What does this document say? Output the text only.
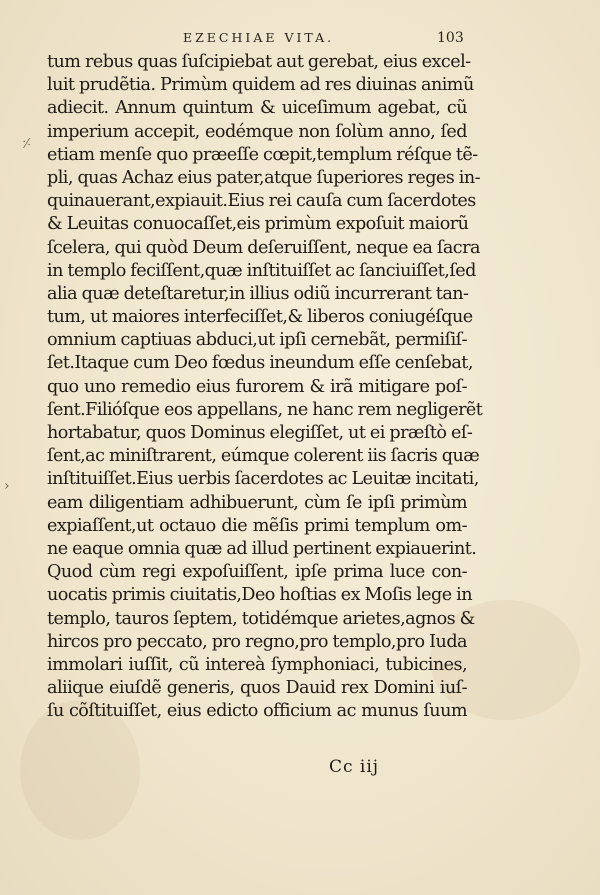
EZECHIAE VITA.	103
⸓
›
tum rebus quas ſuſcipiebat aut gerebat, eius excel-
luit prudẽtia. Primùm quidem ad res diuinas animũ
adiecit. Annum quintum & uiceſimum agebat, cũ
imperium accepit, eodémque non ſolùm anno, ſed
etiam menſe quo præeſſe cœpit,templum réſque tẽ-
pli, quas Achaz eius pater,atque ſuperiores reges in-
quinauerant,expiauit.Eius rei cauſa cum ſacerdotes
& Leuitas conuocaſſet,eis primùm expoſuit maiorũ
ſcelera, qui quòd Deum deſeruiſſent, neque ea ſacra
in templo feciſſent,quæ inſtituiſſet ac ſanciuiſſet,ſed
alia quæ deteſtaretur,in illius odiũ incurrerant tan-
tum, ut maiores interfeciſſet,& liberos coniugéſque
omnium captiuas abduci,ut ipſi cernebãt, permiſiſ-
ſet.Itaque cum Deo fœdus ineundum eſſe cenſebat,
quo uno remedio eius furorem & irã mitigare poſ-
ſent.Filióſque eos appellans, ne hanc rem negligerẽt
hortabatur, quos Dominus elegiſſet, ut ei præſtò eſ-
ſent,ac miniſtrarent, eúmque colerent iis ſacris quæ
inſtituiſſet.Eius uerbis ſacerdotes ac Leuitæ incitati,
eam diligentiam adhibuerunt, cùm ſe ipſi primùm
expiaſſent,ut octauo die mẽſis primi templum om-
ne eaque omnia quæ ad illud pertinent expiauerint.
Quod cùm regi expoſuiſſent, ipſe prima luce con-
uocatis primis ciuitatis,Deo hoſtias ex Moſis lege in
templo, tauros ſeptem, totidémque arietes,agnos &
hircos pro peccato, pro regno,pro templo,pro Iuda
immolari iuſſit, cũ intereà ſymphoniaci, tubicines,
aliique eiuſdẽ generis, quos Dauid rex Domini iuſ-
ſu cõſtituiſſet, eius edicto officium ac munus ſuum
Cc iij
